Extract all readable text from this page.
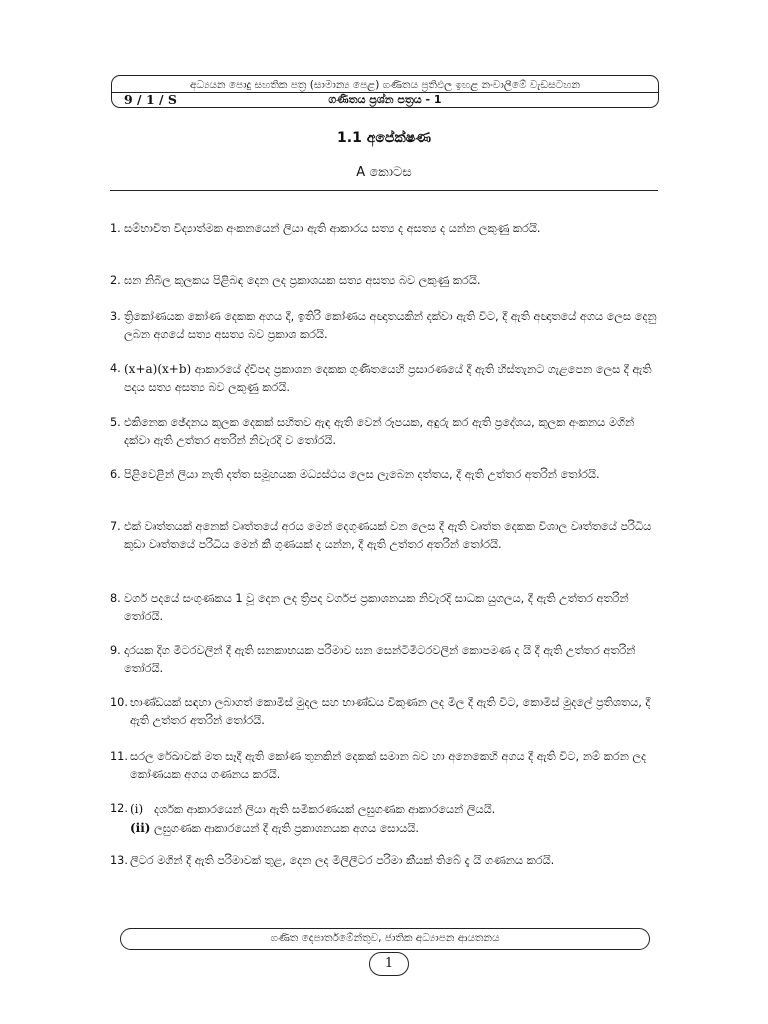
අධ්‍යයන පොදු සහතික පත්‍ර (සාමාන්‍ය පෙළ) ගණිතය ප්‍රතිඵල ඉහළ නංවාලීමේ වැඩසටහන
9 / 1 / S	ගණිතය ප්‍රශ්න පත්‍රය - 1
1.1 අපේක්ෂණ
A කොටස
1. සම්භාවිත විද්‍යාත්මක අංකනයෙන් ලියා ඇති ආකාරය සත්‍ය ද අසත්‍ය ද යන්න ලකුණු කරයි.
2. ඝන නිබිල කුලකය පිළිබඳ දෙන ලද ප්‍රකාශයක සත්‍ය අසත්‍ය බව ලකුණු කරයි.
3. ත්‍රිකෝණයක කෝණ දෙකක අගය දී, ඉතිරි කෝණය අඥාතයකින් දක්වා ඇති විට, දී ඇති අඥාතයේ අගය ලෙස දෙනු ලබන අගයේ සත්‍ය අසත්‍ය බව ප්‍රකාශ කරයි.
4. (x+a)(x+b) ආකාරයේ ද්විපද ප්‍රකාශන දෙකක ගුණිතයෙහි ප්‍රසාරණයේ දී ඇති හිස්තැනට ගැළපෙන ලෙස දී ඇති පදය සත්‍ය අසත්‍ය බව ලකුණු කරයි.
5. එකිනෙක ඡේදනය කුලක දෙකක් සහිතව ඇඳ ඇති වෙන් රූපයක, අඳුරු කර ඇති ප්‍රදේශය, කුලක අංකනය මගින් දක්වා ඇති උත්තර අතරින් නිවැරදි ව තෝරයි.
6. පිළිවෙළින් ලියා නැති දත්ත සමූහයක මධ්‍යස්ථය ලෙස ලැබෙන දත්තය, දී ඇති උත්තර අතරින් තෝරයි.
7. එක් වෘත්තයක් අනෙක් වෘත්තයේ අරය මෙන් දෙගුණයක් වන ලෙස දී ඇති වෘත්ත දෙකක විශාල වෘත්තයේ පරිධිය කුඩා වෘත්තයේ පරිධිය මෙන් කී ගුණයක් ද යන්න, දී ඇති උත්තර අතරින් තෝරයි.
8. වර්ග පදයේ සංගුණකය 1 වූ දෙන ලද ත්‍රිපද වර්ගජ ප්‍රකාශනයක නිවැරදි සාධක යුගලය, දී ඇති උත්තර අතරින් තෝරයි.
9. දාරයක දිග මීටරවලින් දී ඇති ඝනකාභයක පරිමාව ඝන සෙන්ටිමීටරවලින් කොපමණ ද යි දී ඇති උත්තර අතරින් තෝරයි.
10. භාණ්ඩයක් සඳහා ලබාගත් කොමිස් මුදල සහ භාණ්ඩය විකුණන ලද මිල දී ඇති විට, කොමිස් මුදලේ ප්‍රතිශතය, දී ඇති උත්තර අතරින් තෝරයි.
11. සරල රේඛාවක් මත සෑදී ඇති කෝණ තුනකින් දෙකක් සමාන බව හා අනෙකෙහි අගය දී ඇති විට, නම් කරන ලද කෝණයක අගය ගණනය කරයි.
12. (i) දර්ශක ආකාරයෙන් ලියා ඇති සමීකරණයක් ලඝුගණක ආකාරයෙන් ලියයි.
(ii) ලඝුගණක ආකාරයෙන් දී ඇති ප්‍රකාශනයක අගය සොයයි.
13. ලීටර මගින් දී ඇති පරිමාවක් තුළ, දෙන ලද මිලිලීටර පරිමා කීයක් තිබේ දැ යි ගණනය කරයි.
ගණිත දෙපාර්තමේන්තුව, ජාතික අධ්‍යාපන ආයතනය
1
